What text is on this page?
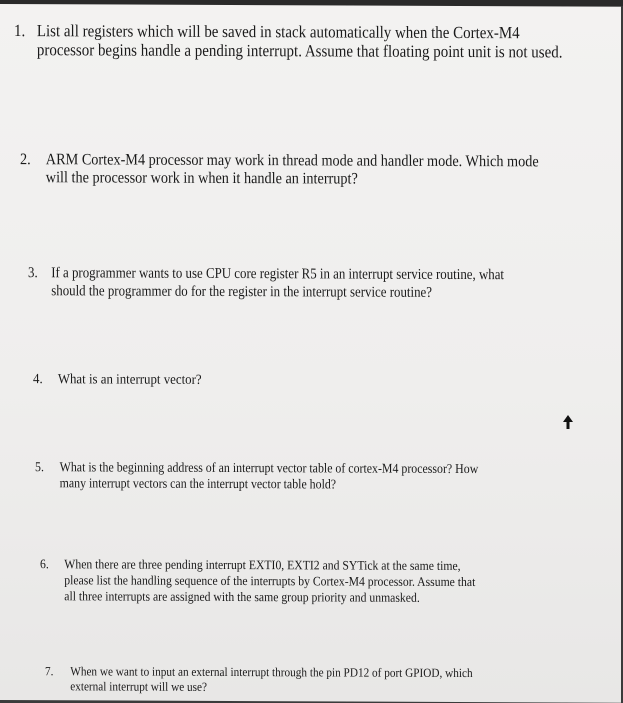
1. List all registers which will be saved in stack automatically when the Cortex-M4
processor begins handle a pending interrupt. Assume that floating point unit is not used.
2. ARM Cortex-M4 processor may work in thread mode and handler mode. Which mode
will the processor work in when it handle an interrupt?
3. If a programmer wants to use CPU core register R5 in an interrupt service routine, what
should the programmer do for the register in the interrupt service routine?
4. What is an interrupt vector?
5. What is the beginning address of an interrupt vector table of cortex-M4 processor? How
many interrupt vectors can the interrupt vector table hold?
6. When there are three pending interrupt EXTI0, EXTI2 and SYTick at the same time,
please list the handling sequence of the interrupts by Cortex-M4 processor. Assume that
all three interrupts are assigned with the same group priority and unmasked.
7. When we want to input an external interrupt through the pin PD12 of port GPIOD, which
external interrupt will we use?
